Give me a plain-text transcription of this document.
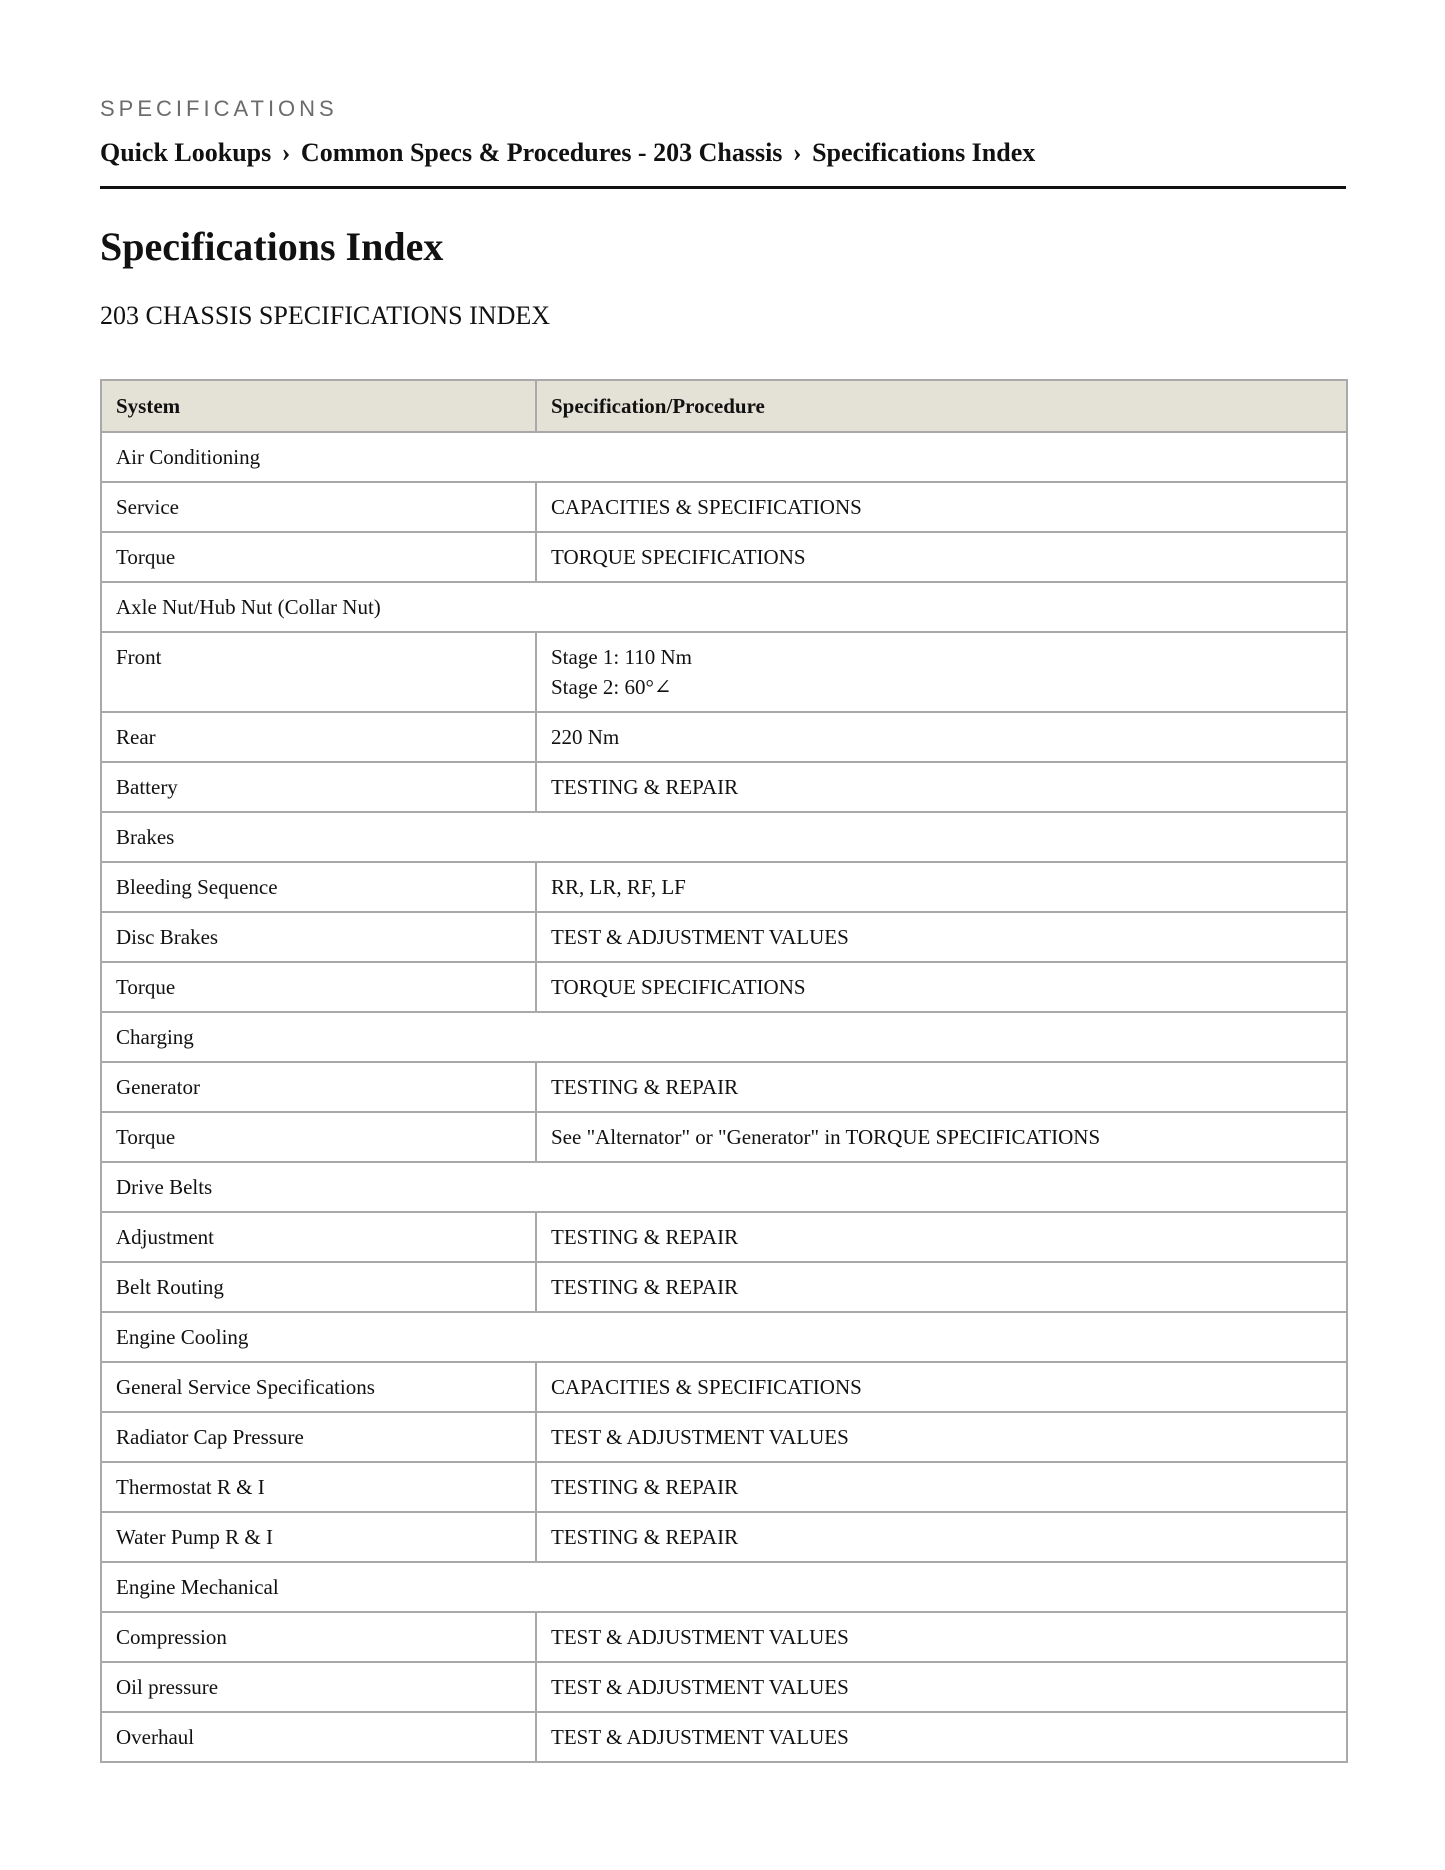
SPECIFICATIONS
Quick Lookups › Common Specs & Procedures - 203 Chassis › Specifications Index
Specifications Index
203 CHASSIS SPECIFICATIONS INDEX
System	Specification/Procedure
Air Conditioning	
Service	CAPACITIES & SPECIFICATIONS

Torque	TORQUE SPECIFICATIONS

Axle Nut/Hub Nut (Collar Nut)	
Front	Stage 1: 110 Nm
Stage 2: 60°∠

Rear	220 Nm

Battery	TESTING & REPAIR

Brakes	
Bleeding Sequence	RR, LR, RF, LF

Disc Brakes	TEST & ADJUSTMENT VALUES

Torque	TORQUE SPECIFICATIONS

Charging	
Generator	TESTING & REPAIR

Torque	See "Alternator" or "Generator" in TORQUE SPECIFICATIONS

Drive Belts	
Adjustment	TESTING & REPAIR

Belt Routing	TESTING & REPAIR

Engine Cooling	
General Service Specifications	CAPACITIES & SPECIFICATIONS

Radiator Cap Pressure	TEST & ADJUSTMENT VALUES

Thermostat R & I	TESTING & REPAIR

Water Pump R & I	TESTING & REPAIR

Engine Mechanical	
Compression	TEST & ADJUSTMENT VALUES

Oil pressure	TEST & ADJUSTMENT VALUES

Overhaul	TEST & ADJUSTMENT VALUES
